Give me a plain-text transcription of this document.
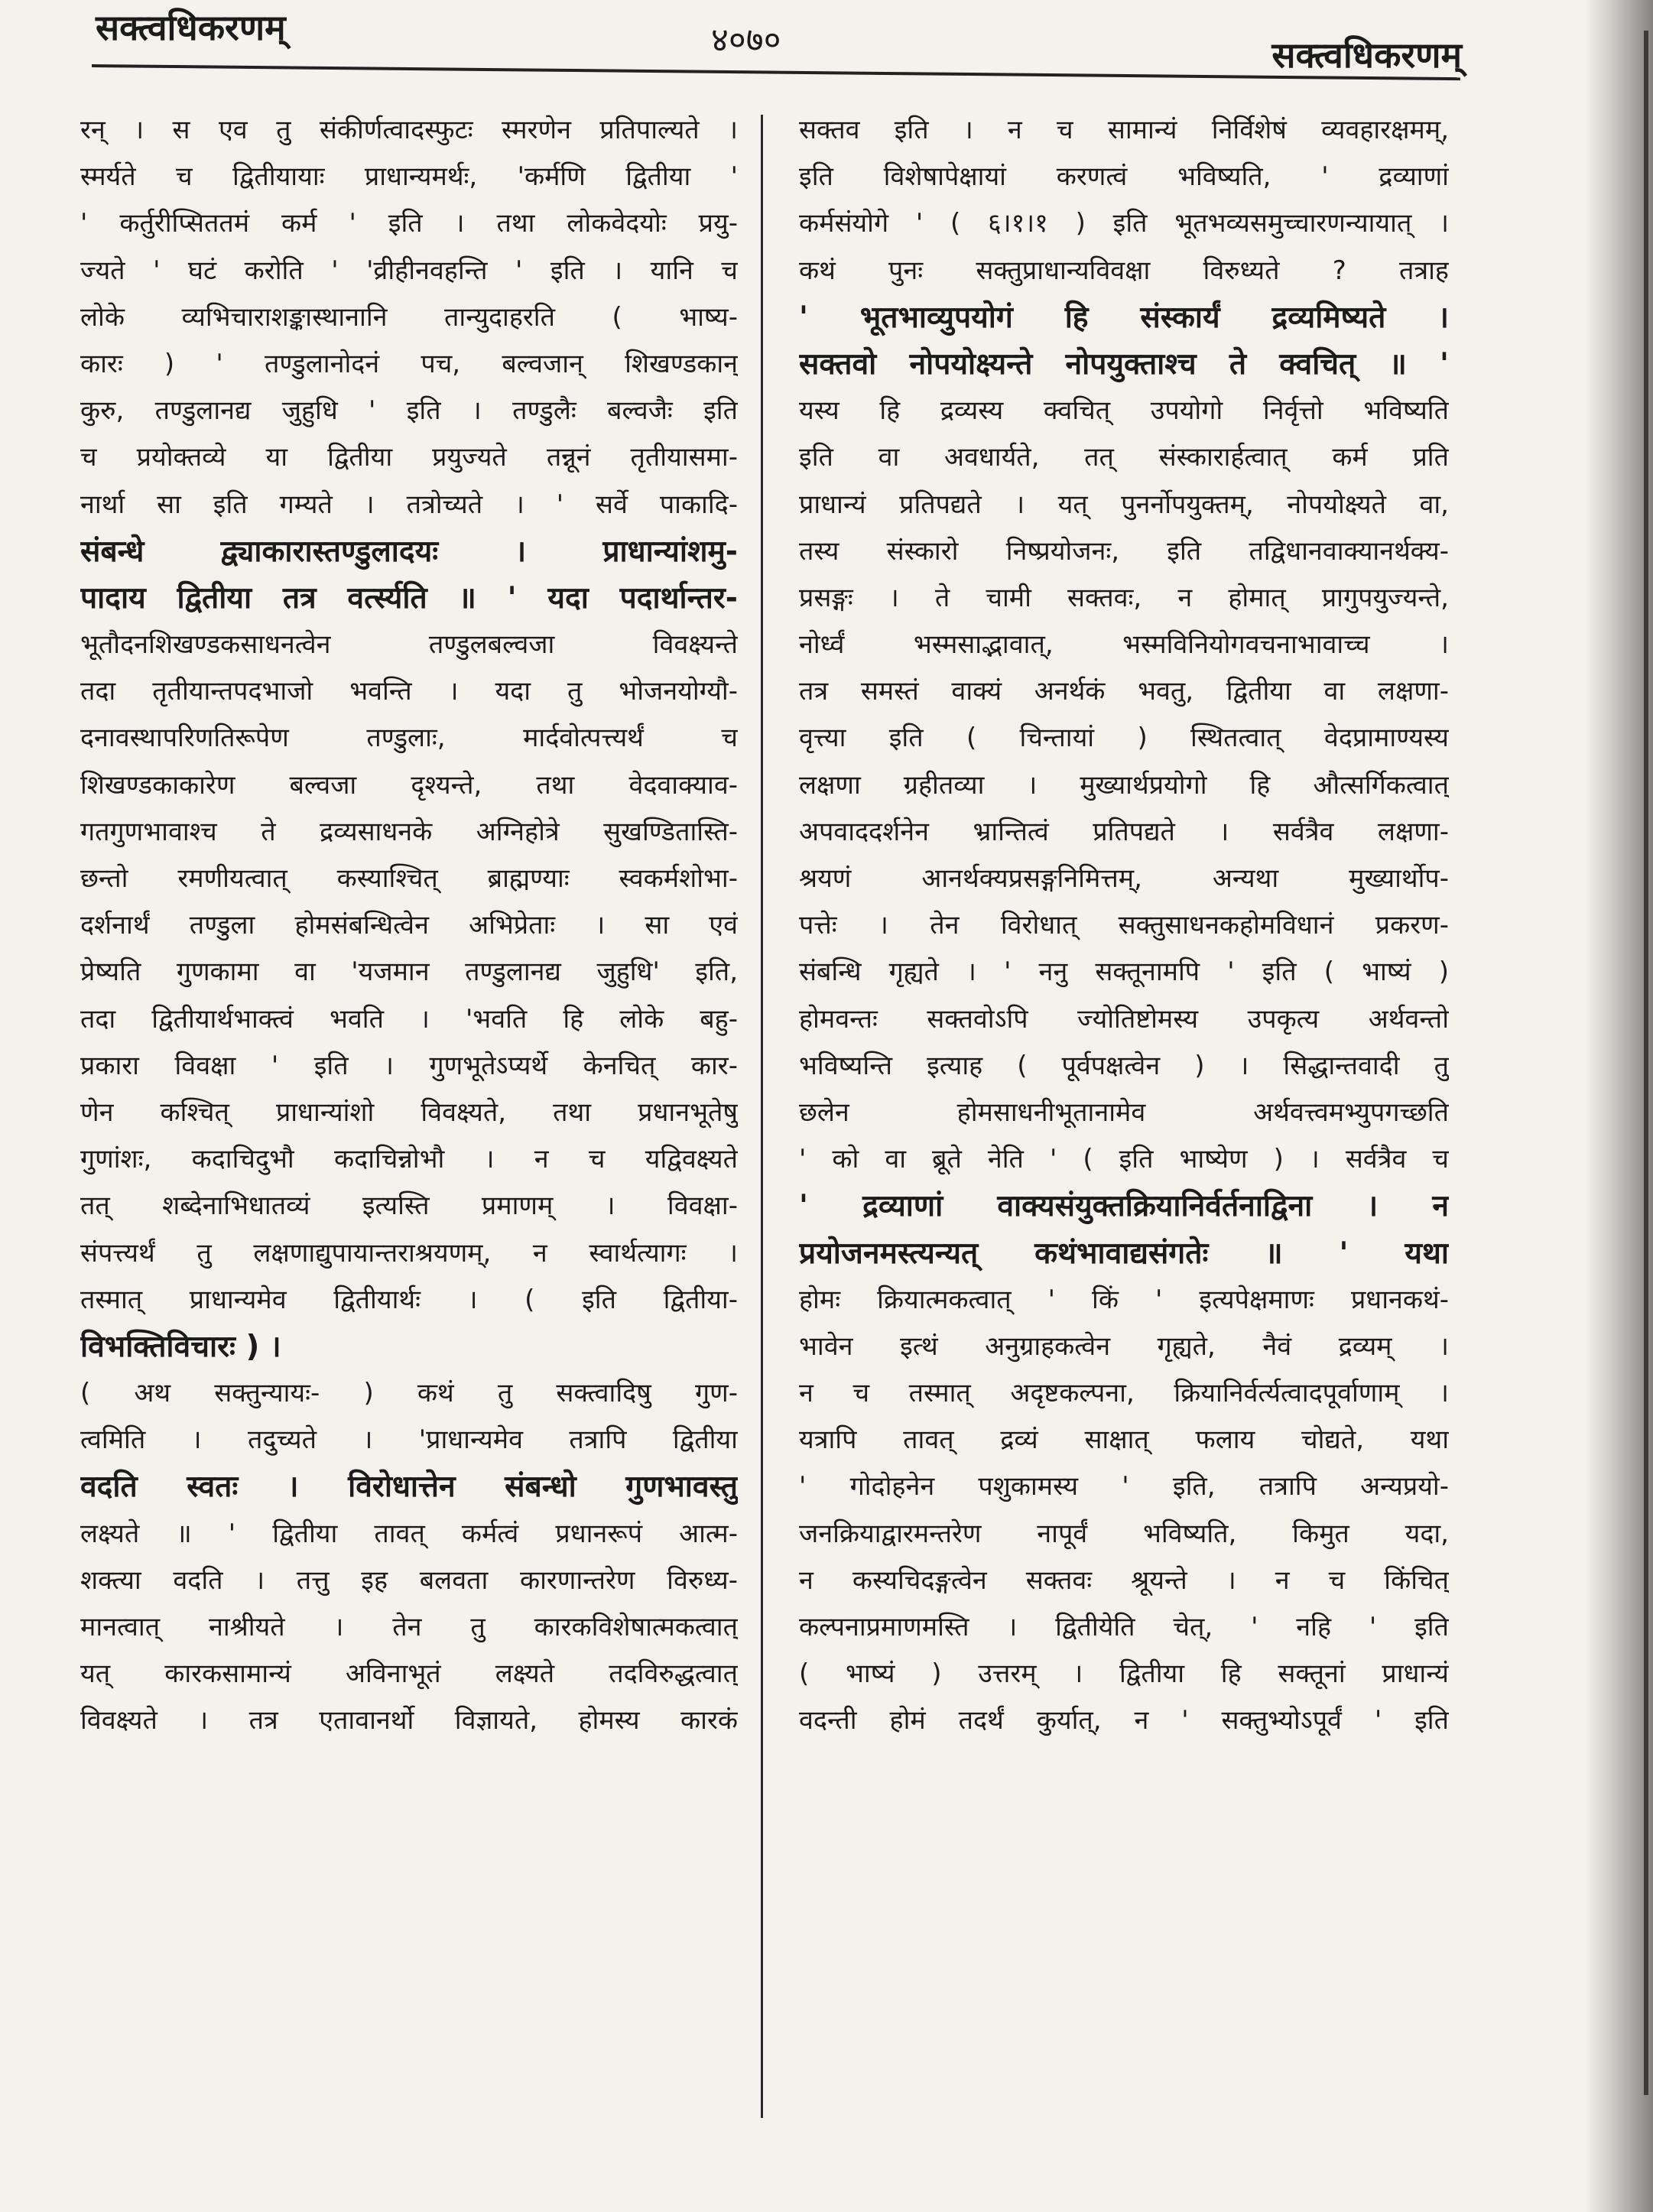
सक्त्वधिकरणम्	४०७०	सक्त्वधिकरणम्
रन् । स एव तु संकीर्णत्वादस्फुटः स्मरणेन प्रतिपाल्यते ।
स्मर्यते च द्वितीयायाः प्राधान्यमर्थः, 'कर्मणि द्वितीया '
' कर्तुरीप्सिततमं कर्म ' इति । तथा लोकवेदयोः प्रयु-
ज्यते ' घटं करोति ' 'व्रीहीनवहन्ति ' इति । यानि च
लोके व्यभिचाराशङ्कास्थानानि तान्युदाहरति ( भाष्य-
कारः ) ' तण्डुलानोदनं पच, बल्वजान् शिखण्डकान्
कुरु, तण्डुलानद्य जुहुधि ' इति । तण्डुलैः बल्वजैः इति
च प्रयोक्तव्ये या द्वितीया प्रयुज्यते तन्नूनं तृतीयासमा-
नार्था सा इति गम्यते । तत्रोच्यते । ' सर्वे पाकादि-
संबन्धे द्व्याकारास्तण्डुलादयः । प्राधान्यांशमु-
पादाय द्वितीया तत्र वर्त्स्यति ॥ ' यदा पदार्थान्तर-
भूतौदनशिखण्डकसाधनत्वेन तण्डुलबल्वजा विवक्ष्यन्ते
तदा तृतीयान्तपदभाजो भवन्ति । यदा तु भोजनयोग्यौ-
दनावस्थापरिणतिरूपेण तण्डुलाः, मार्दवोत्पत्त्यर्थं च
शिखण्डकाकारेण बल्वजा दृश्यन्ते, तथा वेदवाक्याव-
गतगुणभावाश्च ते द्रव्यसाधनके अग्निहोत्रे सुखण्डितास्ति-
छन्तो रमणीयत्वात् कस्याश्चित् ब्राह्मण्याः स्वकर्मशोभा-
दर्शनार्थं तण्डुला होमसंबन्धित्वेन अभिप्रेताः । सा एवं
प्रेष्यति गुणकामा वा 'यजमान तण्डुलानद्य जुहुधि' इति,
तदा द्वितीयार्थभाक्त्वं भवति । 'भवति हि लोके बहु-
प्रकारा विवक्षा ' इति । गुणभूतेऽप्यर्थे केनचित् कार-
णेन कश्चित् प्राधान्यांशो विवक्ष्यते, तथा प्रधानभूतेषु
गुणांशः, कदाचिदुभौ कदाचिन्नोभौ । न च यद्विवक्ष्यते
तत् शब्देनाभिधातव्यं इत्यस्ति प्रमाणम् । विवक्षा-
संपत्त्यर्थं तु लक्षणाद्युपायान्तराश्रयणम्, न स्वार्थत्यागः ।
तस्मात् प्राधान्यमेव द्वितीयार्थः । ( इति द्वितीया-
विभक्तिविचारः ) ।
( अथ सक्तुन्यायः- ) कथं तु सक्त्वादिषु गुण-
त्वमिति । तदुच्यते । 'प्राधान्यमेव तत्रापि द्वितीया
वदति स्वतः । विरोधात्तेन संबन्धो गुणभावस्तु
लक्ष्यते ॥ ' द्वितीया तावत् कर्मत्वं प्रधानरूपं आत्म-
शक्त्या वदति । तत्तु इह बलवता कारणान्तरेण विरुध्य-
मानत्वात् नाश्रीयते । तेन तु कारकविशेषात्मकत्वात्
यत् कारकसामान्यं अविनाभूतं लक्ष्यते तदविरुद्धत्वात्
विवक्ष्यते । तत्र एतावानर्थो विज्ञायते, होमस्य कारकं
सक्तव इति । न च सामान्यं निर्विशेषं व्यवहारक्षमम्,
इति विशेषापेक्षायां करणत्वं भविष्यति, ' द्रव्याणां
कर्मसंयोगे ' ( ६।१।१ ) इति भूतभव्यसमुच्चारणन्यायात् ।
कथं पुनः सक्तुप्राधान्यविवक्षा विरुध्यते ? तत्राह
' भूतभाव्युपयोगं हि संस्कार्यं द्रव्यमिष्यते ।
सक्तवो नोपयोक्ष्यन्ते नोपयुक्ताश्च ते क्वचित् ॥ '
यस्य हि द्रव्यस्य क्वचित् उपयोगो निर्वृत्तो भविष्यति
इति वा अवधार्यते, तत् संस्कारार्हत्वात् कर्म प्रति
प्राधान्यं प्रतिपद्यते । यत् पुनर्नोपयुक्तम्, नोपयोक्ष्यते वा,
तस्य संस्कारो निष्प्रयोजनः, इति तद्विधानवाक्यानर्थक्य-
प्रसङ्गः । ते चामी सक्तवः, न होमात् प्रागुपयुज्यन्ते,
नोर्ध्वं भस्मसाद्भावात्, भस्मविनियोगवचनाभावाच्च ।
तत्र समस्तं वाक्यं अनर्थकं भवतु, द्वितीया वा लक्षणा-
वृत्त्या इति ( चिन्तायां ) स्थितत्वात् वेदप्रामाण्यस्य
लक्षणा ग्रहीतव्या । मुख्यार्थप्रयोगो हि औत्सर्गिकत्वात्
अपवाददर्शनेन भ्रान्तित्वं प्रतिपद्यते । सर्वत्रैव लक्षणा-
श्रयणं आनर्थक्यप्रसङ्गनिमित्तम्, अन्यथा मुख्यार्थोप-
पत्तेः । तेन विरोधात् सक्तुसाधनकहोमविधानं प्रकरण-
संबन्धि गृह्यते । ' ननु सक्तूनामपि ' इति ( भाष्यं )
होमवन्तः सक्तवोऽपि ज्योतिष्टोमस्य उपकृत्य अर्थवन्तो
भविष्यन्ति इत्याह ( पूर्वपक्षत्वेन ) । सिद्धान्तवादी तु
छलेन होमसाधनीभूतानामेव अर्थवत्त्वमभ्युपगच्छति
' को वा ब्रूते नेति ' ( इति भाष्येण ) । सर्वत्रैव च
' द्रव्याणां वाक्यसंयुक्तक्रियानिर्वर्तनाद्विना । न
प्रयोजनमस्त्यन्यत् कथंभावाद्यसंगतेः ॥ ' यथा
होमः क्रियात्मकत्वात् ' किं ' इत्यपेक्षमाणः प्रधानकथं-
भावेन इत्थं अनुग्राहकत्वेन गृह्यते, नैवं द्रव्यम् ।
न च तस्मात् अदृष्टकल्पना, क्रियानिर्वर्त्यत्वादपूर्वाणाम् ।
यत्रापि तावत् द्रव्यं साक्षात् फलाय चोद्यते, यथा
' गोदोहनेन पशुकामस्य ' इति, तत्रापि अन्यप्रयो-
जनक्रियाद्वारमन्तरेण नापूर्वं भविष्यति, किमुत यदा,
न कस्यचिदङ्गत्वेन सक्तवः श्रूयन्ते । न च किंचित्
कल्पनाप्रमाणमस्ति । द्वितीयेति चेत्, ' नहि ' इति
( भाष्यं ) उत्तरम् । द्वितीया हि सक्तूनां प्राधान्यं
वदन्ती होमं तदर्थं कुर्यात्, न ' सक्तुभ्योऽपूर्वं ' इति
